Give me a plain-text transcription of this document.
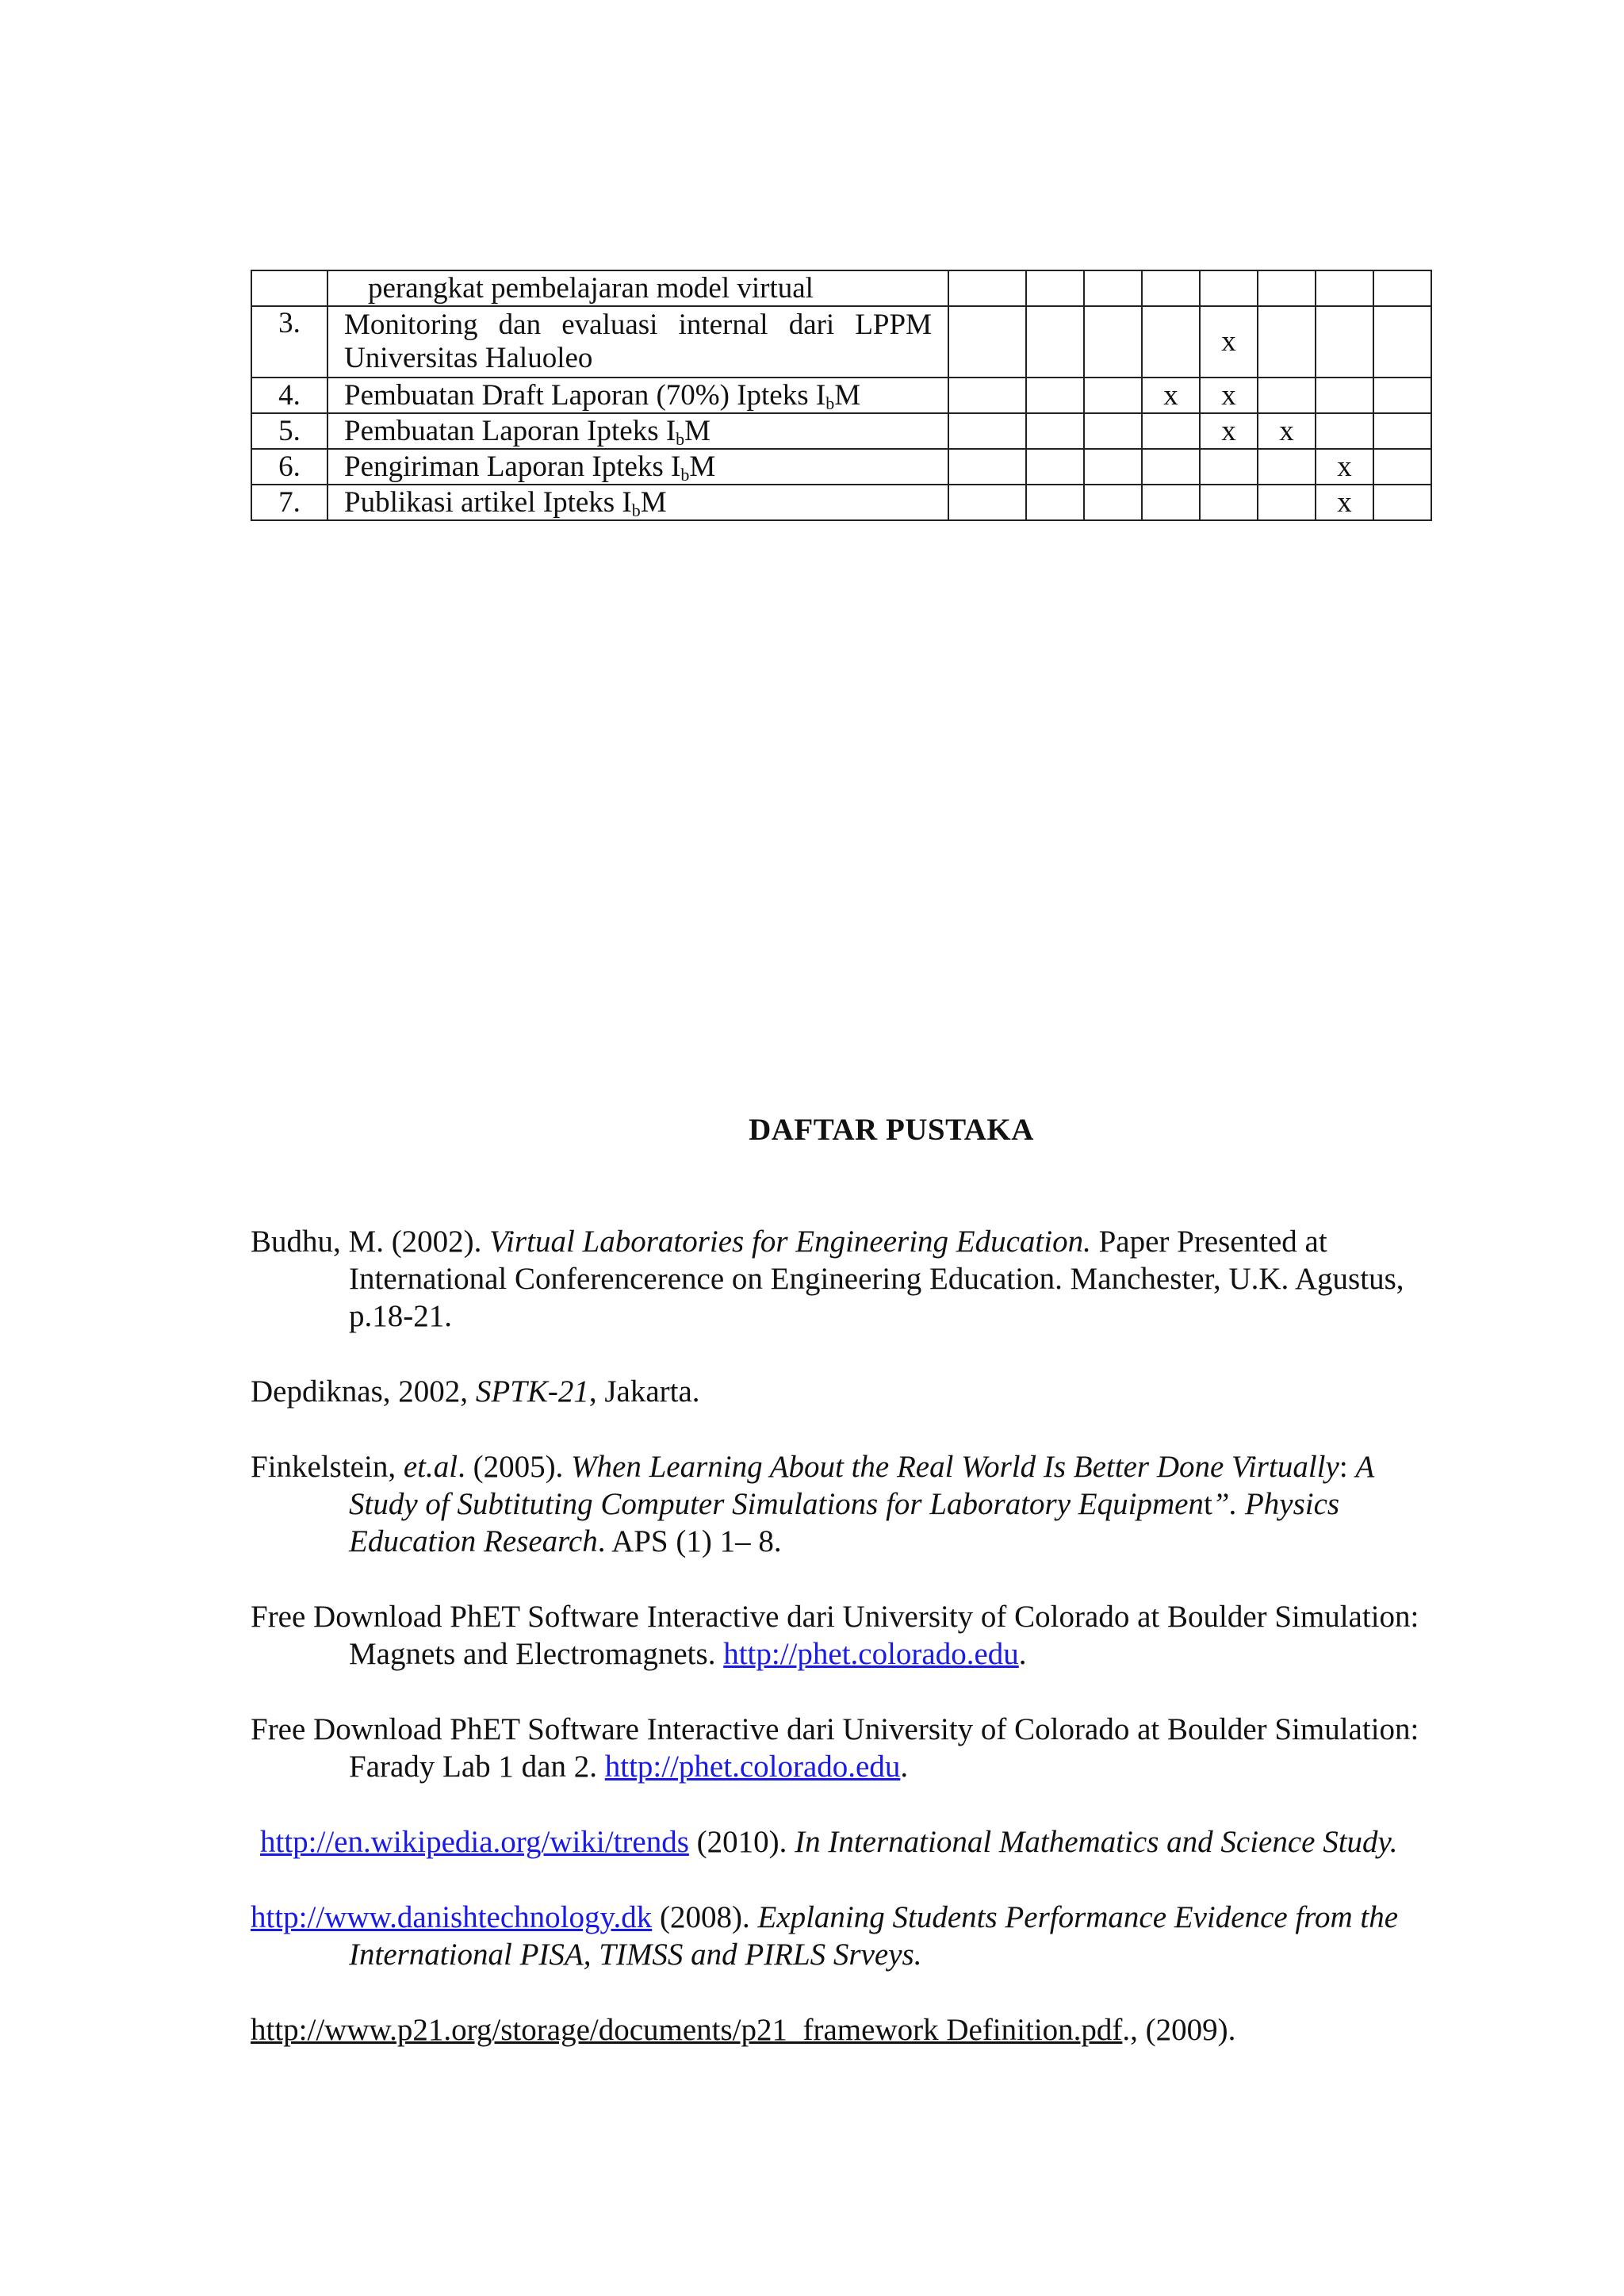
	perangkat pembelajaran model virtual								
3.	Monitoring dan evaluasi internal dari LPPM Universitas Haluoleo					x			
4.	Pembuatan Draft Laporan (70%) Ipteks $I_bM$				x	x			
5.	Pembuatan Laporan Ipteks $I_bM$					x	x		
6.	Pengiriman Laporan Ipteks $I_bM$							x	
7.	Publikasi artikel Ipteks $I_bM$							x	
DAFTAR PUSTAKA

Budhu, M. (2002). Virtual Laboratories for Engineering Education. Paper Presented at International Conferencerence on Engineering Education. Manchester, U.K. Agustus, p.18-21.

Depdiknas, 2002, SPTK-21, Jakarta.

Finkelstein, et.al. (2005). When Learning About the Real World Is Better Done Virtually: A Study of Subtituting Computer Simulations for Laboratory Equipment”. Physics Education Research. APS (1) 1– 8.

Free Download PhET Software Interactive dari University of Colorado at Boulder Simulation: Magnets and Electromagnets. http://phet.colorado.edu.

Free Download PhET Software Interactive dari University of Colorado at Boulder Simulation: Farady Lab 1 dan 2. http://phet.colorado.edu.

http://en.wikipedia.org/wiki/trends (2010). In International Mathematics and Science Study.

http://www.danishtechnology.dk (2008). Explaning Students Performance Evidence from the International PISA, TIMSS and PIRLS Srveys.

http://www.p21.org/storage/documents/p21_framework Definition.pdf., (2009).
